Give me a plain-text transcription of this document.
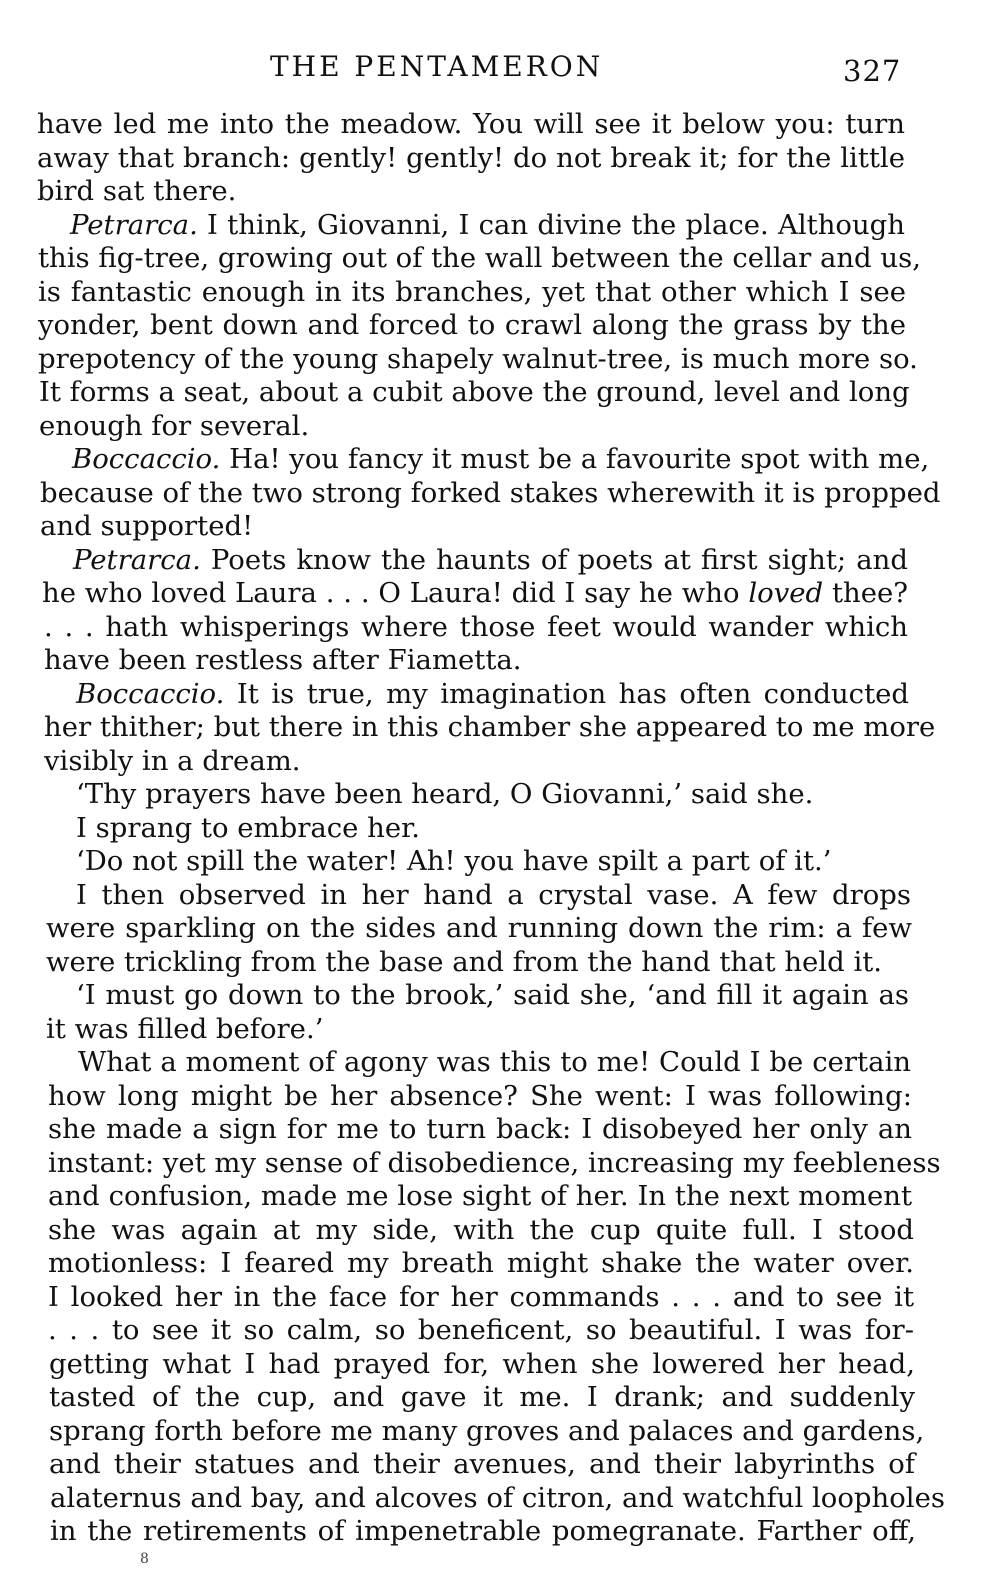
THE PENTAMERON	327
have led me into the meadow. You will see it below you: turn
away that branch: gently! gently! do not break it; for the little
bird sat there.
Petrarca. I think, Giovanni, I can divine the place. Although
this fig-tree, growing out of the wall between the cellar and us,
is fantastic enough in its branches, yet that other which I see
yonder, bent down and forced to crawl along the grass by the
prepotency of the young shapely walnut-tree, is much more so.
It forms a seat, about a cubit above the ground, level and long
enough for several.
Boccaccio. Ha! you fancy it must be a favourite spot with me,
because of the two strong forked stakes wherewith it is propped
and supported!
Petrarca. Poets know the haunts of poets at first sight; and
he who loved Laura . . . O Laura! did I say he who loved thee?
. . . hath whisperings where those feet would wander which
have been restless after Fiametta.
Boccaccio. It is true, my imagination has often conducted
her thither; but there in this chamber she appeared to me more
visibly in a dream.
‘Thy prayers have been heard, O Giovanni,’ said she.
I sprang to embrace her.
‘Do not spill the water! Ah! you have spilt a part of it.’
I then observed in her hand a crystal vase. A few drops
were sparkling on the sides and running down the rim: a few
were trickling from the base and from the hand that held it.
‘I must go down to the brook,’ said she, ‘and fill it again as
it was filled before.’
What a moment of agony was this to me! Could I be certain
how long might be her absence? She went: I was following:
she made a sign for me to turn back: I disobeyed her only an
instant: yet my sense of disobedience, increasing my feebleness
and confusion, made me lose sight of her. In the next moment
she was again at my side, with the cup quite full. I stood
motionless: I feared my breath might shake the water over.
I looked her in the face for her commands . . . and to see it
. . . to see it so calm, so beneficent, so beautiful. I was for-
getting what I had prayed for, when she lowered her head,
tasted of the cup, and gave it me. I drank; and suddenly
sprang forth before me many groves and palaces and gardens,
and their statues and their avenues, and their labyrinths of
alaternus and bay, and alcoves of citron, and watchful loopholes
in the retirements of impenetrable pomegranate. Farther off,
8
